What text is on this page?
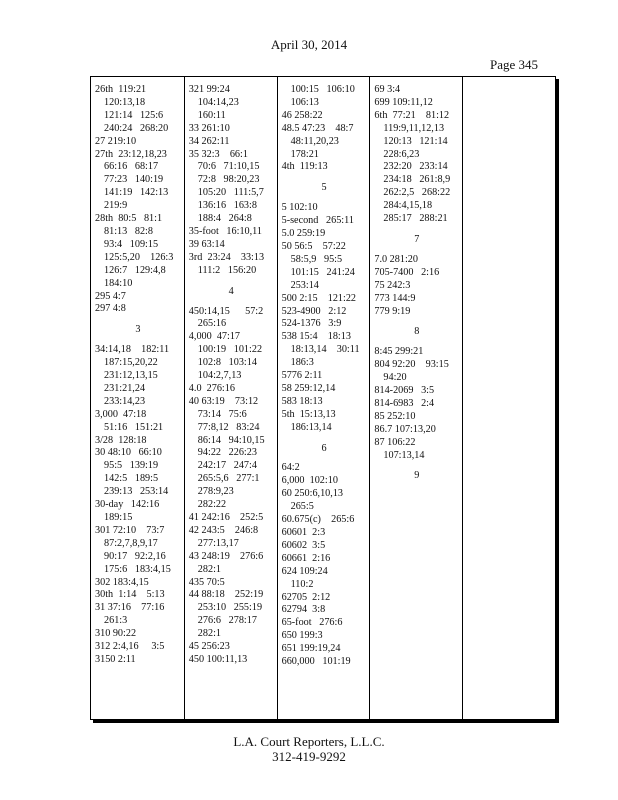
April 30, 2014
Page 345
26th  119:21
120:13,18
121:14   125:6
240:24   268:20
27 219:10
27th  23:12,18,23
66:16   68:17
77:23   140:19
141:19   142:13
219:9
28th  80:5   81:1
81:13   82:8
93:4   109:15
125:5,20    126:3
126:7   129:4,8
184:10
295 4:7
297 4:8
3
34:14,18    182:11
187:15,20,22
231:12,13,15
231:21,24
233:14,23
3,000  47:18
51:16   151:21
3/28  128:18
30 48:10   66:10
95:5   139:19
142:5   189:5
239:13   253:14
30-day   142:16
189:15
301 72:10    73:7
87:2,7,8,9,17
90:17   92:2,16
175:6   183:4,15
302 183:4,15
30th  1:14    5:13
31 37:16    77:16
261:3
310 90:22
312 2:4,16     3:5
3150 2:11
321 99:24
104:14,23
160:11
33 261:10
34 262:11
35 32:3    66:1
70:6   71:10,15
72:8   98:20,23
105:20   111:5,7
136:16   163:8
188:4   264:8
35-foot   16:10,11
39 63:14
3rd  23:24    33:13
111:2   156:20
4
450:14,15      57:2
265:16
4,000  47:17
100:19   101:22
102:8   103:14
104:2,7,13
4.0  276:16
40 63:19    73:12
73:14   75:6
77:8,12   83:24
86:14   94:10,15
94:22   226:23
242:17   247:4
265:5,6   277:1
278:9,23
282:22
41 242:16    252:5
42 243:5    246:8
277:13,17
43 248:19    276:6
282:1
435 70:5
44 88:18    252:19
253:10   255:19
276:6   278:17
282:1
45 256:23
450 100:11,13
100:15   106:10
106:13
46 258:22
48.5 47:23    48:7
48:11,20,23
178:21
4th  119:13
5
5 102:10
5-second   265:11
5.0 259:19
50 56:5    57:22
58:5,9   95:5
101:15   241:24
253:14
500 2:15    121:22
523-4900   2:12
524-1376   3:9
538 15:4    18:13
18:13,14    30:11
186:3
5776 2:11
58 259:12,14
583 18:13
5th  15:13,13
186:13,14
6
64:2
6,000  102:10
60 250:6,10,13
265:5
60.675(c)    265:6
60601  2:3
60602  3:5
60661  2:16
624 109:24
110:2
62705  2:12
62794  3:8
65-foot   276:6
650 199:3
651 199:19,24
660,000   101:19
69 3:4
699 109:11,12
6th  77:21    81:12
119:9,11,12,13
120:13   121:14
228:6,23
232:20   233:14
234:18   261:8,9
262:2,5   268:22
284:4,15,18
285:17   288:21
7
7.0 281:20
705-7400   2:16
75 242:3
773 144:9
779 9:19
8
8:45 299:21
804 92:20    93:15
94:20
814-2069   3:5
814-6983   2:4
85 252:10
86.7 107:13,20
87 106:22
107:13,14
9
L.A. Court Reporters, L.L.C.
312-419-9292
